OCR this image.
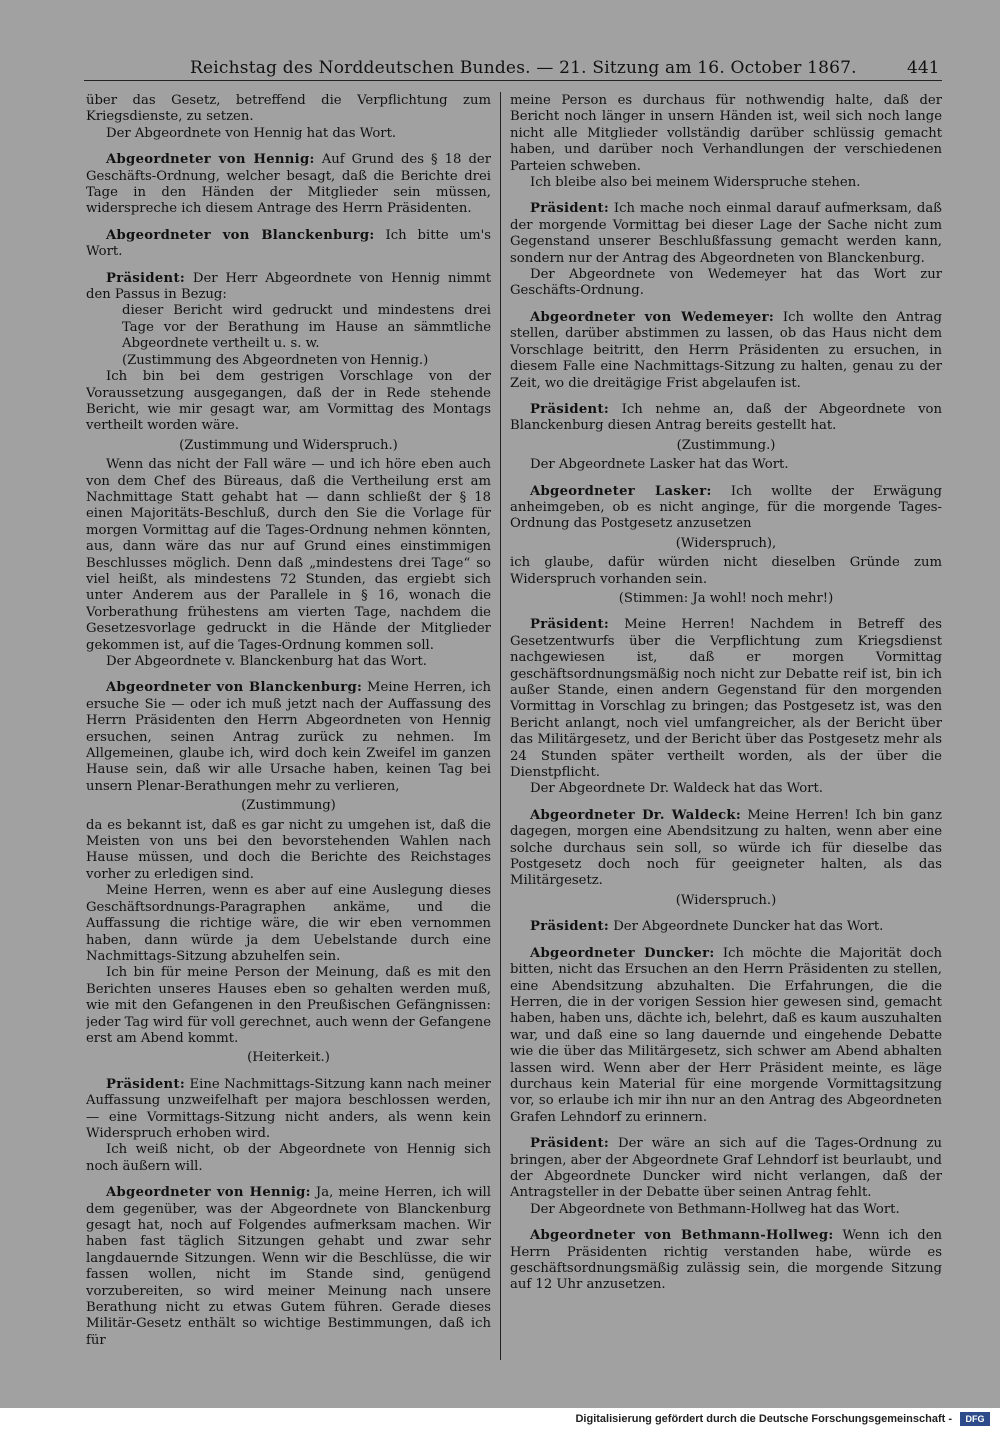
Reichstag des Norddeutschen Bundes. — 21. Sitzung am 16. October 1867.	441

über das Gesetz, betreffend die Verpflichtung zum Kriegsdienste, zu setzen.

Der Abgeordnete von Hennig hat das Wort.

Abgeordneter von Hennig: Auf Grund des § 18 der Geschäfts-Ordnung, welcher besagt, daß die Berichte drei Tage in den Händen der Mitglieder sein müssen, widerspreche ich diesem Antrage des Herrn Präsidenten.

Abgeordneter von Blanckenburg: Ich bitte um's Wort.

Präsident: Der Herr Abgeordnete von Hennig nimmt den Passus in Bezug:

dieser Bericht wird gedruckt und mindestens drei Tage vor der Berathung im Hause an sämmtliche Abgeordnete vertheilt u. s. w.

(Zustimmung des Abgeordneten von Hennig.)

Ich bin bei dem gestrigen Vorschlage von der Voraussetzung ausgegangen, daß der in Rede stehende Bericht, wie mir gesagt war, am Vormittag des Montags vertheilt worden wäre.

(Zustimmung und Widerspruch.)

Wenn das nicht der Fall wäre — und ich höre eben auch von dem Chef des Büreaus, daß die Vertheilung erst am Nachmittage Statt gehabt hat — dann schließt der § 18 einen Majoritäts-Beschluß, durch den Sie die Vorlage für morgen Vormittag auf die Tages-Ordnung nehmen könnten, aus, dann wäre das nur auf Grund eines einstimmigen Beschlusses möglich. Denn daß „mindestens drei Tage“ so viel heißt, als mindestens 72 Stunden, das ergiebt sich unter Anderem aus der Parallele in § 16, wonach die Vorberathung frühestens am vierten Tage, nachdem die Gesetzesvorlage gedruckt in die Hände der Mitglieder gekommen ist, auf die Tages-Ordnung kommen soll.

Der Abgeordnete v. Blanckenburg hat das Wort.

Abgeordneter von Blanckenburg: Meine Herren, ich ersuche Sie — oder ich muß jetzt nach der Auffassung des Herrn Präsidenten den Herrn Abgeordneten von Hennig ersuchen, seinen Antrag zurück zu nehmen. Im Allgemeinen, glaube ich, wird doch kein Zweifel im ganzen Hause sein, daß wir alle Ursache haben, keinen Tag bei unsern Plenar-Berathungen mehr zu verlieren,

(Zustimmung)

da es bekannt ist, daß es gar nicht zu umgehen ist, daß die Meisten von uns bei den bevorstehenden Wahlen nach Hause müssen, und doch die Berichte des Reichstages vorher zu erledigen sind.

Meine Herren, wenn es aber auf eine Auslegung dieses Geschäftsordnungs-Paragraphen ankäme, und die Auffassung die richtige wäre, die wir eben vernommen haben, dann würde ja dem Uebelstande durch eine Nachmittags-Sitzung abzuhelfen sein.

Ich bin für meine Person der Meinung, daß es mit den Berichten unseres Hauses eben so gehalten werden muß, wie mit den Gefangenen in den Preußischen Gefängnissen: jeder Tag wird für voll gerechnet, auch wenn der Gefangene erst am Abend kommt.

(Heiterkeit.)

Präsident: Eine Nachmittags-Sitzung kann nach meiner Auffassung unzweifelhaft per majora beschlossen werden, — eine Vormittags-Sitzung nicht anders, als wenn kein Widerspruch erhoben wird.

Ich weiß nicht, ob der Abgeordnete von Hennig sich noch äußern will.

Abgeordneter von Hennig: Ja, meine Herren, ich will dem gegenüber, was der Abgeordnete von Blanckenburg gesagt hat, noch auf Folgendes aufmerksam machen. Wir haben fast täglich Sitzungen gehabt und zwar sehr langdauernde Sitzungen. Wenn wir die Beschlüsse, die wir fassen wollen, nicht im Stande sind, genügend vorzubereiten, so wird meiner Meinung nach unsere Berathung nicht zu etwas Gutem führen. Gerade dieses Militär-Gesetz enthält so wichtige Bestimmungen, daß ich für

meine Person es durchaus für nothwendig halte, daß der Bericht noch länger in unsern Händen ist, weil sich noch lange nicht alle Mitglieder vollständig darüber schlüssig gemacht haben, und darüber noch Verhandlungen der verschiedenen Parteien schweben.

Ich bleibe also bei meinem Widerspruche stehen.

Präsident: Ich mache noch einmal darauf aufmerksam, daß der morgende Vormittag bei dieser Lage der Sache nicht zum Gegenstand unserer Beschlußfassung gemacht werden kann, sondern nur der Antrag des Abgeordneten von Blanckenburg.

Der Abgeordnete von Wedemeyer hat das Wort zur Geschäfts-Ordnung.

Abgeordneter von Wedemeyer: Ich wollte den Antrag stellen, darüber abstimmen zu lassen, ob das Haus nicht dem Vorschlage beitritt, den Herrn Präsidenten zu ersuchen, in diesem Falle eine Nachmittags-Sitzung zu halten, genau zu der Zeit, wo die dreitägige Frist abgelaufen ist.

Präsident: Ich nehme an, daß der Abgeordnete von Blanckenburg diesen Antrag bereits gestellt hat.

(Zustimmung.)

Der Abgeordnete Lasker hat das Wort.

Abgeordneter Lasker: Ich wollte der Erwägung anheimgeben, ob es nicht anginge, für die morgende Tages-Ordnung das Postgesetz anzusetzen

(Widerspruch),

ich glaube, dafür würden nicht dieselben Gründe zum Widerspruch vorhanden sein.

(Stimmen: Ja wohl! noch mehr!)

Präsident: Meine Herren! Nachdem in Betreff des Gesetzentwurfs über die Verpflichtung zum Kriegsdienst nachgewiesen ist, daß er morgen Vormittag geschäftsordnungsmäßig noch nicht zur Debatte reif ist, bin ich außer Stande, einen andern Gegenstand für den morgenden Vormittag in Vorschlag zu bringen; das Postgesetz ist, was den Bericht anlangt, noch viel umfangreicher, als der Bericht über das Militärgesetz, und der Bericht über das Postgesetz mehr als 24 Stunden später vertheilt worden, als der über die Dienstpflicht.

Der Abgeordnete Dr. Waldeck hat das Wort.

Abgeordneter Dr. Waldeck: Meine Herren! Ich bin ganz dagegen, morgen eine Abendsitzung zu halten, wenn aber eine solche durchaus sein soll, so würde ich für dieselbe das Postgesetz doch noch für geeigneter halten, als das Militärgesetz.

(Widerspruch.)

Präsident: Der Abgeordnete Duncker hat das Wort.

Abgeordneter Duncker: Ich möchte die Majorität doch bitten, nicht das Ersuchen an den Herrn Präsidenten zu stellen, eine Abendsitzung abzuhalten. Die Erfahrungen, die die Herren, die in der vorigen Session hier gewesen sind, gemacht haben, haben uns, dächte ich, belehrt, daß es kaum auszuhalten war, und daß eine so lang dauernde und eingehende Debatte wie die über das Militärgesetz, sich schwer am Abend abhalten lassen wird. Wenn aber der Herr Präsident meinte, es läge durchaus kein Material für eine morgende Vormittagsitzung vor, so erlaube ich mir ihn nur an den Antrag des Abgeordneten Grafen Lehndorf zu erinnern.

Präsident: Der wäre an sich auf die Tages-Ordnung zu bringen, aber der Abgeordnete Graf Lehndorf ist beurlaubt, und der Abgeordnete Duncker wird nicht verlangen, daß der Antragsteller in der Debatte über seinen Antrag fehlt.

Der Abgeordnete von Bethmann-Hollweg hat das Wort.

Abgeordneter von Bethmann-Hollweg: Wenn ich den Herrn Präsidenten richtig verstanden habe, würde es geschäftsordnungsmäßig zulässig sein, die morgende Sitzung auf 12 Uhr anzusetzen.

Digitalisierung gefördert durch die Deutsche Forschungsgemeinschaft -	DFG
